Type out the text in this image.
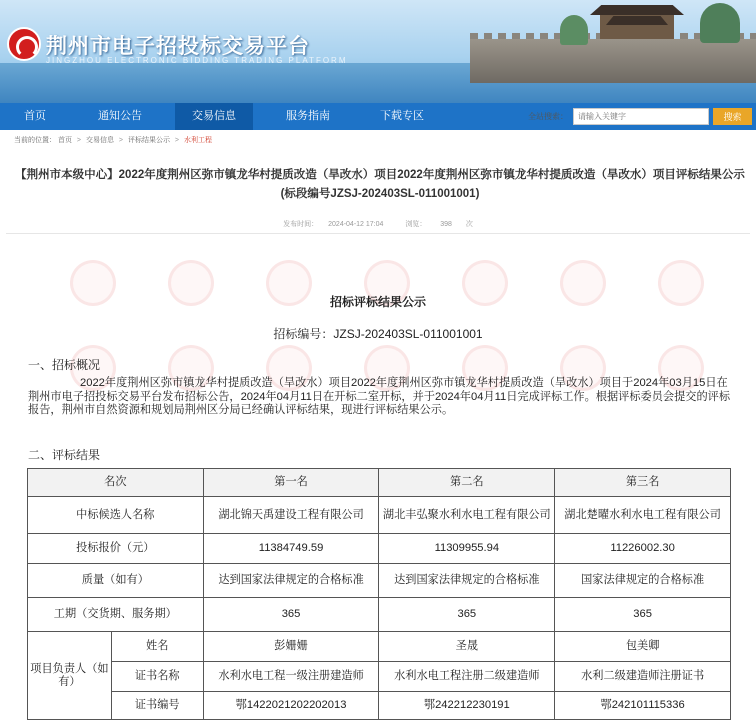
荆州市电子招投标交易平台
JINGZHOU ELECTRONIC BIDDING TRADING PLATFORM
首页	通知公告	交易信息	服务指南	下载专区	全站搜索：
请输入关键字	搜索
当前的位置： 首页 > 交易信息 > 评标结果公示 > 水利工程
【荆州市本级中心】2022年度荆州区弥市镇龙华村提质改造（旱改水）项目2022年度荆州区弥市镇龙华村提质改造（旱改水）项目评标结果公示(标段编号JZSJ-202403SL-011001001)
发布时间： 2024-04-12 17:04	浏览： 398 次
招标评标结果公示
招标编号：JZSJ-202403SL-011001001
一、招标概况
2022年度荆州区弥市镇龙华村提质改造（旱改水）项目2022年度荆州区弥市镇龙华村提质改造（旱改水）项目于2024年03月15日在荆州市电子招投标交易平台发布招标公告，2024年04月11日在开标二室开标，并于2024年04月11日完成评标工作。根据评标委员会提交的评标报告，荆州市自然资源和规划局荆州区分局已经确认评标结果，现进行评标结果公示。
二、评标结果
名次		第一名	第二名	第三名
中标候选人名称		湖北锦天禹建设工程有限公司	湖北丰弘聚水利水电工程有限公司	湖北楚曜水利水电工程有限公司
投标报价（元）		11384749.59	11309955.94	11226002.30
质量（如有）		达到国家法律规定的合格标准	达到国家法律规定的合格标准	国家法律规定的合格标准
工期（交货期、服务期）		365	365	365
项目负责人（如有）	姓名	彭姗姗	圣晟	包美卿
	证书名称	水利水电工程一级注册建造师	水利水电工程注册二级建造师	水利二级建造师注册证书
	证书编号	鄂1422021202202013	鄂242212230191	鄂242101115336
